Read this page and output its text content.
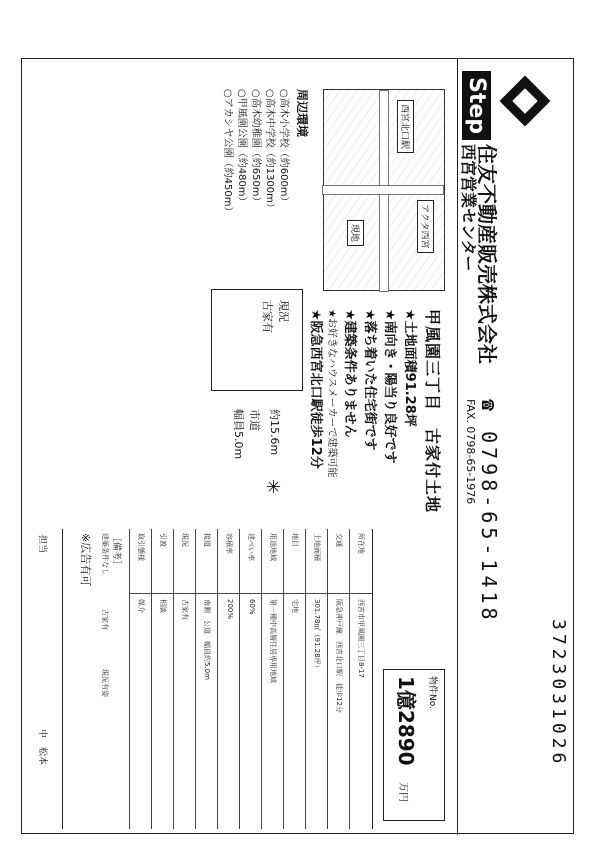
Step
住友不動産販売株式会社
西宮営業センター
☎ 0798-65-1418
FAX. 0798-65-1976
3723031026
西宮北口駅
現地	アクタ西宮
甲風園三丁目　古家付土地
★土地面積91.28坪
★南向き・陽当り良好です
★落ち着いた住宅街です
★建築条件ありません
★お好きなハウスメーカーで建築可能
★阪急西宮北口駅徒歩12分
周辺環境
○高木小学校（約600m）
○高木中学校（約1300m）
○高木幼稚園（約650m）
○甲風園公園（約480m）
○アカシヤ公園（約450m）
現況
古家有
約15.6m
市道
幅員5.0m
✳
物件No.
1億2890
万円
所在地
西宮市甲風園三丁目8-17
交通
阪急神戸線　西宮北口駅　徒歩12分
土地面積
301.78㎡（91.28坪）
地目
宅地
用途地域
第一種中高層住居専用地域
建ぺい率
60%
容積率
200%
接道
南側　公道　幅員約5.0m
現況
古家有
引渡
相談
取引態様
媒介
［備考］
建築条件なし
古家有
現況有姿
※広告有可
担当
中　松本
